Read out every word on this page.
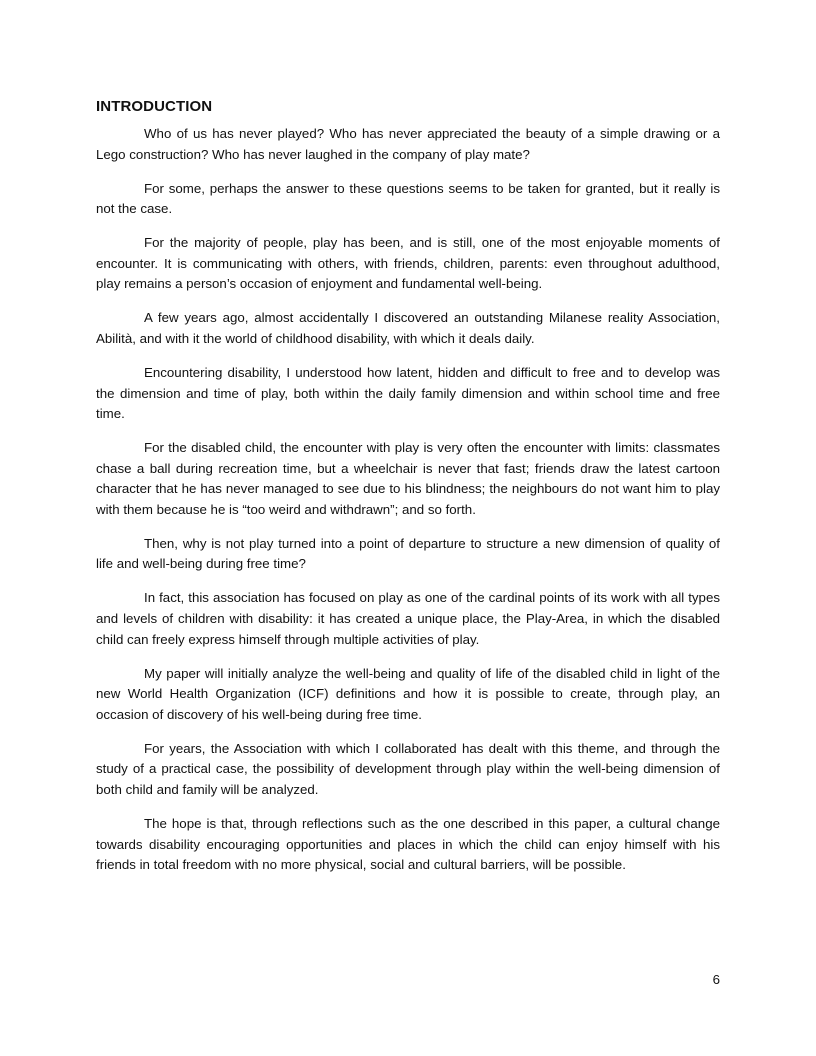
INTRODUCTION

Who of us has never played? Who has never appreciated the beauty of a simple drawing or a Lego construction? Who has never laughed in the company of play mate?

For some, perhaps the answer to these questions seems to be taken for granted, but it really is not the case.

For the majority of people, play has been, and is still, one of the most enjoyable moments of encounter. It is communicating with others, with friends, children, parents: even throughout adulthood, play remains a person’s occasion of enjoyment and fundamental well-being.

A few years ago, almost accidentally I discovered an outstanding Milanese reality Association, Abilità, and with it the world of childhood disability, with which it deals daily.

Encountering disability, I understood how latent, hidden and difficult to free and to develop was the dimension and time of play, both within the daily family dimension and within school time and free time.

For the disabled child, the encounter with play is very often the encounter with limits: classmates chase a ball during recreation time, but a wheelchair is never that fast; friends draw the latest cartoon character that he has never managed to see due to his blindness; the neighbours do not want him to play with them because he is “too weird and withdrawn”; and so forth.

Then, why is not play turned into a point of departure to structure a new dimension of quality of life and well-being during free time?

In fact, this association has focused on play as one of the cardinal points of its work with all types and levels of children with disability: it has created a unique place, the Play-Area, in which the disabled child can freely express himself through multiple activities of play.

My paper will initially analyze the well-being and quality of life of the disabled child in light of the new World Health Organization (ICF) definitions and how it is possible to create, through play, an occasion of discovery of his well-being during free time.

For years, the Association with which I collaborated has dealt with this theme, and through the study of a practical case, the possibility of development through play within the well-being dimension of both child and family will be analyzed.

The hope is that, through reflections such as the one described in this paper, a cultural change towards disability encouraging opportunities and places in which the child can enjoy himself with his friends in total freedom with no more physical, social and cultural barriers, will be possible.

6
